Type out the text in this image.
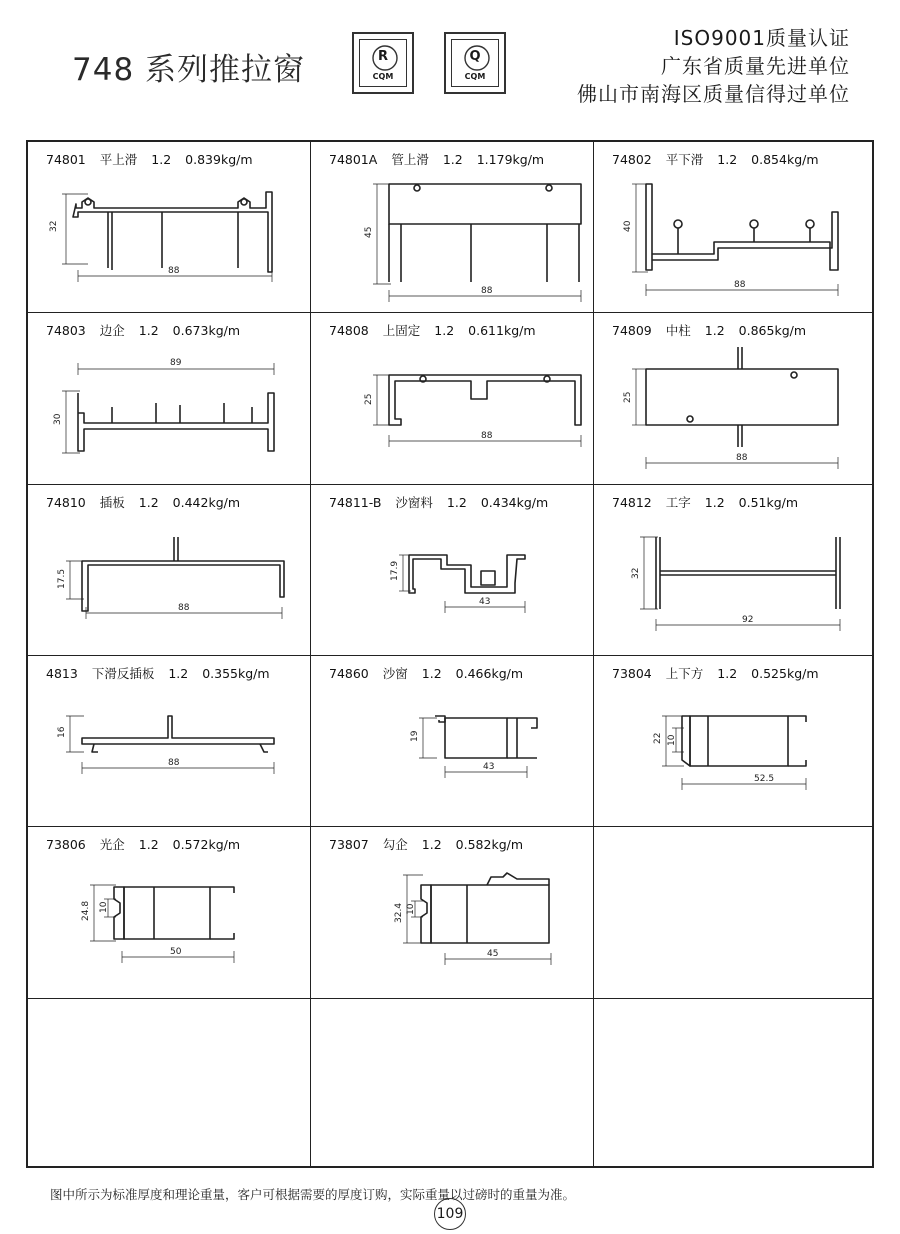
748 系列推拉窗	R
CQM
Q
CQM
ISO9001质量认证
广东省质量先进单位
佛山市南海区质量信得过单位
74801 平上滑 1.2 0.839kg/m
32
88
74801A 管上滑 1.2 1.179kg/m
45
88
74802 平下滑 1.2 0.854kg/m
40
88
74803 边企 1.2 0.673kg/m
30
89
74808 上固定 1.2 0.611kg/m
25
88
74809 中柱 1.2 0.865kg/m
25
88
74810 插板 1.2 0.442kg/m
17.5
88
74811-B 沙窗料 1.2 0.434kg/m
17.9
43
74812 工字 1.2 0.51kg/m
32
92
4813 下滑反插板 1.2 0.355kg/m
16
88
74860 沙窗 1.2 0.466kg/m
19
43
73804 上下方 1.2 0.525kg/m
22 10
52.5
73806 光企 1.2 0.572kg/m
24.8 10
50
73807 勾企 1.2 0.582kg/m
32.4 10
45
图中所示为标准厚度和理论重量，客户可根据需要的厚度订购，实际重量以过磅时的重量为准。
109
